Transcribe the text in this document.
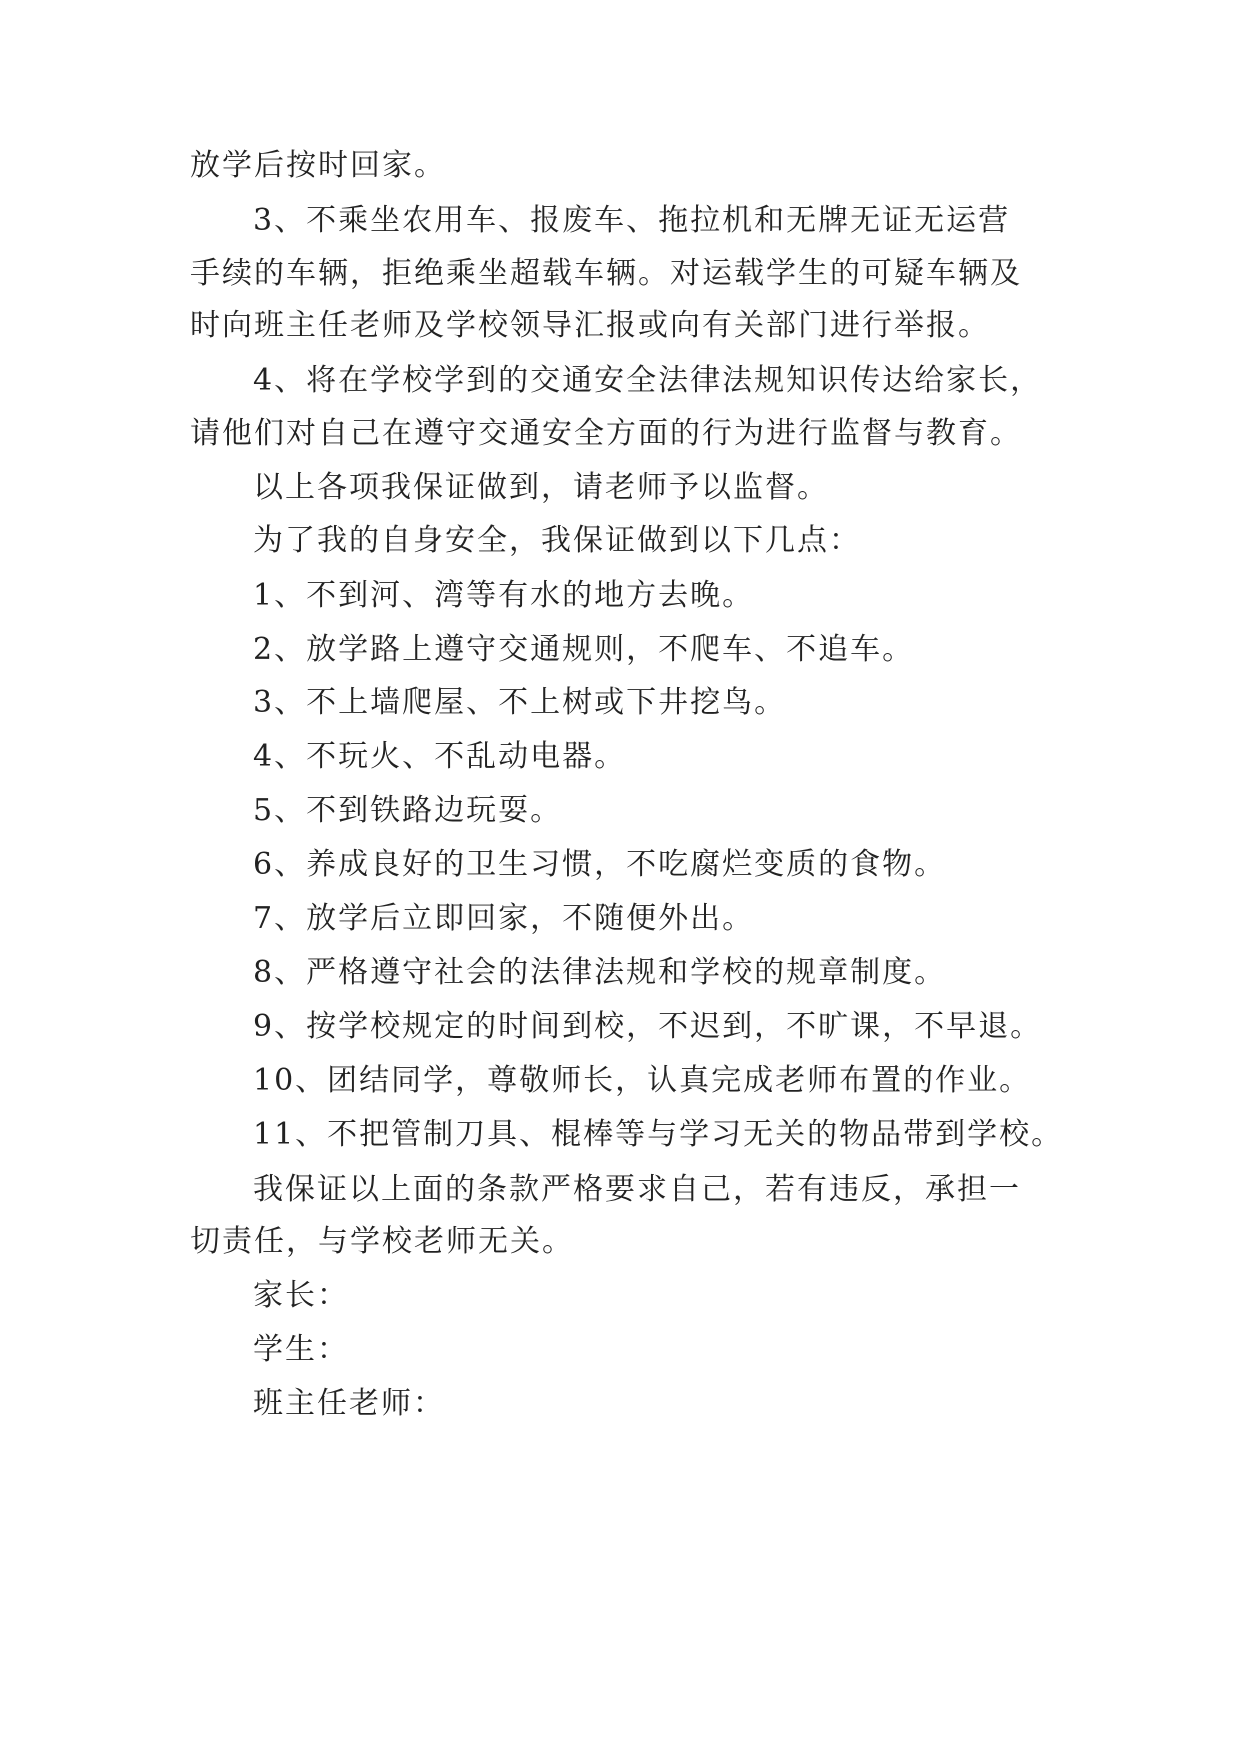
放学后按时回家。
3、不乘坐农用车、报废车、拖拉机和无牌无证无运营
手续的车辆，拒绝乘坐超载车辆。对运载学生的可疑车辆及
时向班主任老师及学校领导汇报或向有关部门进行举报。
4、将在学校学到的交通安全法律法规知识传达给家长，
请他们对自己在遵守交通安全方面的行为进行监督与教育。
以上各项我保证做到，请老师予以监督。
为了我的自身安全，我保证做到以下几点：
1、不到河、湾等有水的地方去晚。
2、放学路上遵守交通规则，不爬车、不追车。
3、不上墙爬屋、不上树或下井挖鸟。
4、不玩火、不乱动电器。
5、不到铁路边玩耍。
6、养成良好的卫生习惯，不吃腐烂变质的食物。
7、放学后立即回家，不随便外出。
8、严格遵守社会的法律法规和学校的规章制度。
9、按学校规定的时间到校，不迟到，不旷课，不早退。
10、团结同学，尊敬师长，认真完成老师布置的作业。
11、不把管制刀具、棍棒等与学习无关的物品带到学校。
我保证以上面的条款严格要求自己，若有违反，承担一
切责任，与学校老师无关。
家长：
学生：
班主任老师：
